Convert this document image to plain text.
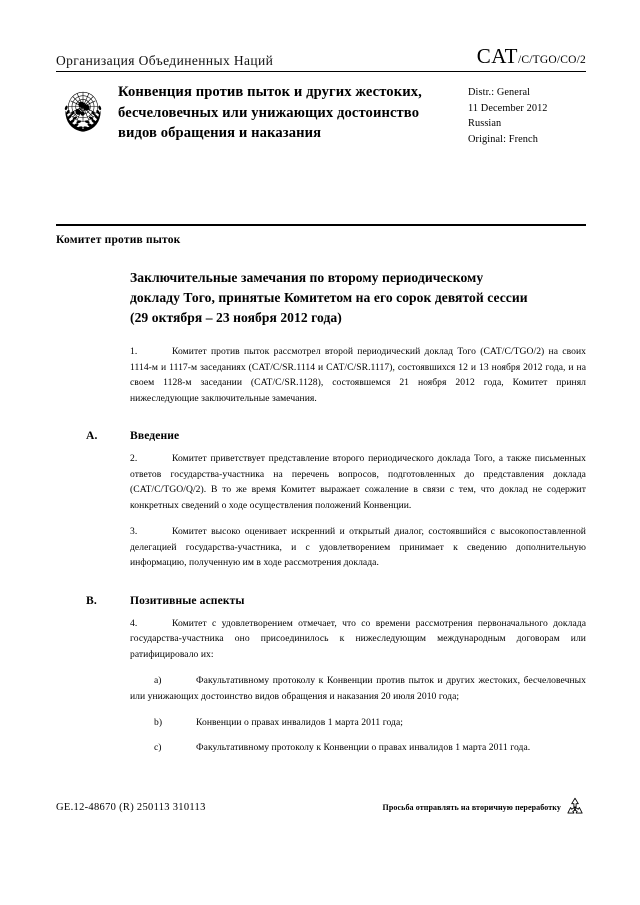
Организация Объединенных Наций	CAT/C/TGO/CO/2
Конвенция против пыток и других жестоких, бесчеловечных или унижающих достоинство видов обращения и наказания
Distr.: General
11 December 2012
Russian
Original: French
Комитет против пыток
Заключительные замечания по второму периодическому докладу Того, принятые Комитетом на его сорок девятой сессии (29 октября – 23 ноября 2012 года)

1.	Комитет против пыток рассмотрел второй периодический доклад Того (CAT/C/TGO/2) на своих 1114-м и 1117-м заседаниях (CAT/C/SR.1114 и CAT/C/SR.1117), состоявшихся 12 и 13 ноября 2012 года, и на своем 1128-м заседании (CAT/C/SR.1128), состоявшемся 21 ноября 2012 года, Комитет принял нижеследующие заключительные замечания.

A.	Введение

2.	Комитет приветствует представление второго периодического доклада Того, а также письменных ответов государства-участника на перечень вопросов, подготовленных до представления доклада (CAT/C/TGO/Q/2). В то же время Комитет выражает сожаление в связи с тем, что доклад не содержит конкретных сведений о ходе осуществления положений Конвенции.

3.	Комитет высоко оценивает искренний и открытый диалог, состоявшийся с высокопоставленной делегацией государства-участника, и с удовлетворением принимает к сведению дополнительную информацию, полученную им в ходе рассмотрения доклада.

B.	Позитивные аспекты

4.	Комитет с удовлетворением отмечает, что со времени рассмотрения первоначального доклада государства-участника оно присоединилось к нижеследующим международным договорам или ратифицировало их:

a)	Факультативному протоколу к Конвенции против пыток и других жестоких, бесчеловечных или унижающих достоинство видов обращения и наказания 20 июля 2010 года;

b)	Конвенции о правах инвалидов 1 марта 2011 года;

c)	Факультативному протоколу к Конвенции о правах инвалидов 1 марта 2011 года.

GE.12-48670 (R) 250113 310113	Просьба отправлять на вторичную переработку
